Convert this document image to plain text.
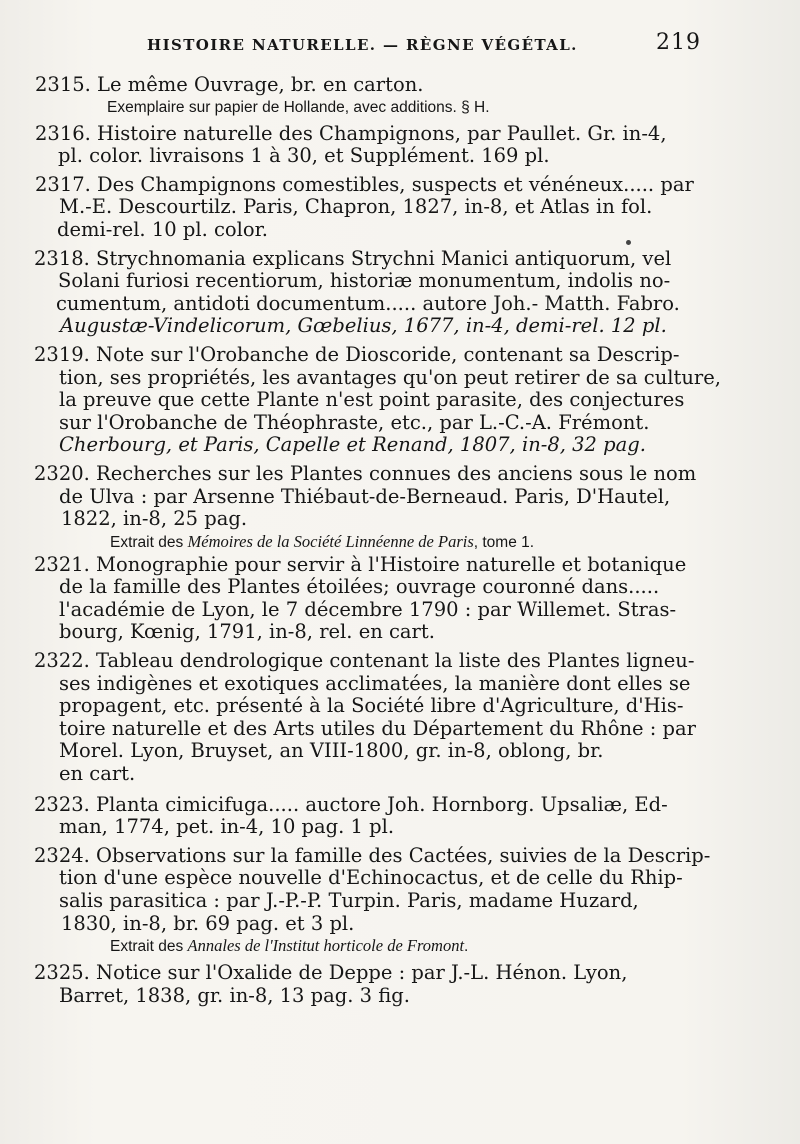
HISTOIRE NATURELLE. — RÈGNE VÉGÉTAL.	219
2315. Le même Ouvrage, br. en carton.
Exemplaire sur papier de Hollande, avec additions. § H.
2316. Histoire naturelle des Champignons, par Paullet. Gr. in-4,
pl. color. livraisons 1 à 30, et Supplément. 169 pl.
2317. Des Champignons comestibles, suspects et vénéneux..... par
M.-E. Descourtilz. Paris, Chapron, 1827, in-8, et Atlas in fol.
demi-rel. 10 pl. color.
2318. Strychnomania explicans Strychni Manici antiquorum, vel
Solani furiosi recentiorum, historiæ monumentum, indolis no-
cumentum, antidoti documentum..... autore Joh.- Matth. Fabro.
Augustæ-Vindelicorum, Gœbelius, 1677, in-4, demi-rel. 12 pl.
2319. Note sur l'Orobanche de Dioscoride, contenant sa Descrip-
tion, ses propriétés, les avantages qu'on peut retirer de sa culture,
la preuve que cette Plante n'est point parasite, des conjectures
sur l'Orobanche de Théophraste, etc., par L.-C.-A. Frémont.
Cherbourg, et Paris, Capelle et Renand, 1807, in-8, 32 pag.
2320. Recherches sur les Plantes connues des anciens sous le nom
de Ulva : par Arsenne Thiébaut-de-Berneaud. Paris, D'Hautel,
1822, in-8, 25 pag.
Extrait des Mémoires de la Société Linnéenne de Paris, tome 1.
2321. Monographie pour servir à l'Histoire naturelle et botanique
de la famille des Plantes étoilées; ouvrage couronné dans.....
l'académie de Lyon, le 7 décembre 1790 : par Willemet. Stras-
bourg, Kœnig, 1791, in-8, rel. en cart.
2322. Tableau dendrologique contenant la liste des Plantes ligneu-
ses indigènes et exotiques acclimatées, la manière dont elles se
propagent, etc. présenté à la Société libre d'Agriculture, d'His-
toire naturelle et des Arts utiles du Département du Rhône : par
Morel. Lyon, Bruyset, an VIII-1800, gr. in-8, oblong, br.
en cart.
2323. Planta cimicifuga..... auctore Joh. Hornborg. Upsaliæ, Ed-
man, 1774, pet. in-4, 10 pag. 1 pl.
2324. Observations sur la famille des Cactées, suivies de la Descrip-
tion d'une espèce nouvelle d'Echinocactus, et de celle du Rhip-
salis parasitica : par J.-P.-P. Turpin. Paris, madame Huzard,
1830, in-8, br. 69 pag. et 3 pl.
Extrait des Annales de l'Institut horticole de Fromont.
2325. Notice sur l'Oxalide de Deppe : par J.-L. Hénon. Lyon,
Barret, 1838, gr. in-8, 13 pag. 3 fig.
